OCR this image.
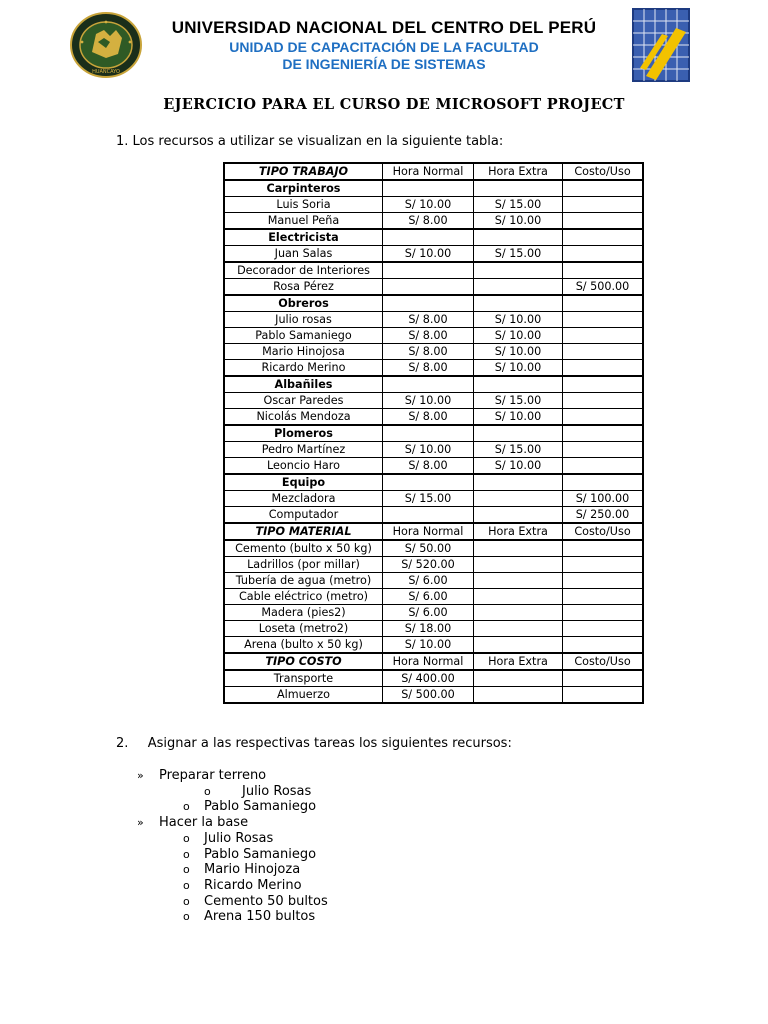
HUANCAYO
UNIVERSIDAD NACIONAL DEL CENTRO DEL PERÚ
UNIDAD DE CAPACITACIÓN DE LA FACULTAD
DE INGENIERÍA DE SISTEMAS
EJERCICIO PARA EL CURSO DE MICROSOFT PROJECT
1. Los recursos a utilizar se visualizan en la siguiente tabla:
TIPO TRABAJO	Hora Normal	Hora Extra	Costo/Uso
Carpinteros			
Luis Soria	S/ 10.00	S/ 15.00	
Manuel Peña	S/ 8.00	S/ 10.00	
Electricista			
Juan Salas	S/ 10.00	S/ 15.00	
Decorador de Interiores			
Rosa Pérez			S/ 500.00
Obreros			
Julio rosas	S/ 8.00	S/ 10.00	
Pablo Samaniego	S/ 8.00	S/ 10.00	
Mario Hinojosa	S/ 8.00	S/ 10.00	
Ricardo Merino	S/ 8.00	S/ 10.00	
Albañiles			
Oscar Paredes	S/ 10.00	S/ 15.00	
Nicolás Mendoza	S/ 8.00	S/ 10.00	
Plomeros			
Pedro Martínez	S/ 10.00	S/ 15.00	
Leoncio Haro	S/ 8.00	S/ 10.00	
Equipo			
Mezcladora	S/ 15.00		S/ 100.00
Computador			S/ 250.00
TIPO MATERIAL	Hora Normal	Hora Extra	Costo/Uso
Cemento (bulto x 50 kg)	S/ 50.00		
Ladrillos (por millar)	S/ 520.00		
Tubería de agua (metro)	S/ 6.00		
Cable eléctrico (metro)	S/ 6.00		
Madera (pies2)	S/ 6.00		
Loseta (metro2)	S/ 18.00		
Arena (bulto x 50 kg)	S/ 10.00		
TIPO COSTO	Hora Normal	Hora Extra	Costo/Uso
Transporte	S/ 400.00		
Almuerzo	S/ 500.00		
2. Asignar a las respectivas tareas los siguientes recursos:
» Preparar terreno
o Julio Rosas
o Pablo Samaniego
» Hacer la base
o Julio Rosas
o Pablo Samaniego
o Mario Hinojoza
o Ricardo Merino
o Cemento 50 bultos
o Arena 150 bultos
